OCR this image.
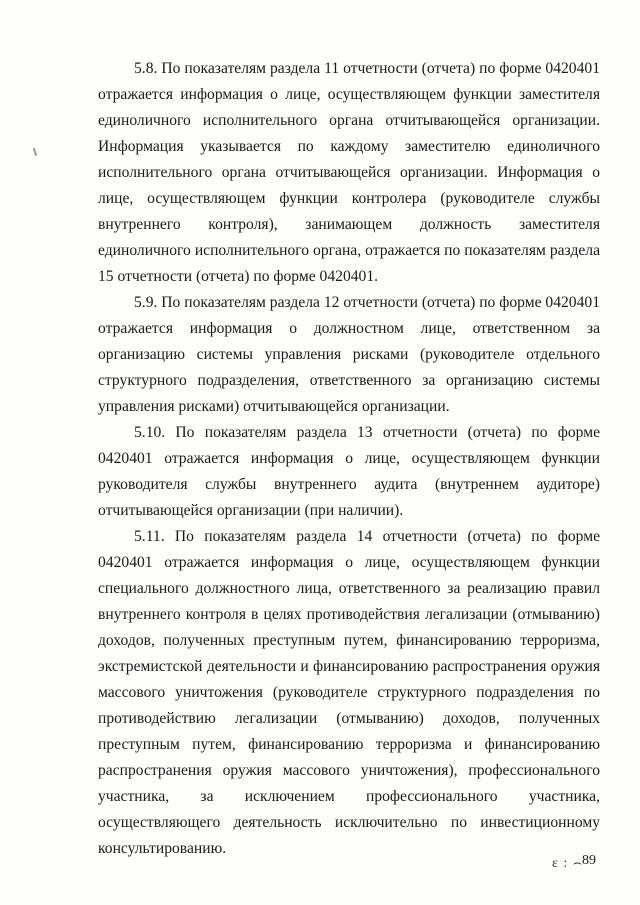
5.8. По показателям раздела 11 отчетности (отчета) по форме 0420401 отражается информация о лице, осуществляющем функции заместителя единоличного исполнительного органа отчитывающейся организации. Информация указывается по каждому заместителю единоличного исполнительного органа отчитывающейся организации. Информация о лице, осуществляющем функции контролера (руководителе службы внутреннего контроля), занимающем должность заместителя единоличного исполнительного органа, отражается по показателям раздела 15 отчетности (отчета) по форме 0420401.

5.9. По показателям раздела 12 отчетности (отчета) по форме 0420401 отражается информация о должностном лице, ответственном за организацию системы управления рисками (руководителе отдельного структурного подразделения, ответственного за организацию системы управления рисками) отчитывающейся организации.

5.10. По показателям раздела 13 отчетности (отчета) по форме 0420401 отражается информация о лице, осуществляющем функции руководителя службы внутреннего аудита (внутреннем аудиторе) отчитывающейся организации (при наличии).

5.11. По показателям раздела 14 отчетности (отчета) по форме 0420401 отражается информация о лице, осуществляющем функции специального должностного лица, ответственного за реализацию правил внутреннего контроля в целях противодействия легализации (отмыванию) доходов, полученных преступным путем, финансированию терроризма, экстремистской деятельности и финансированию распространения оружия массового уничтожения (руководителе структурного подразделения по противодействию легализации (отмыванию) доходов, полученных преступным путем, финансированию терроризма и финансированию распространения оружия массового уничтожения), профессионального участника, за исключением профессионального участника, осуществляющего деятельность исключительно по инвестиционному консультированию.

ε : ⌢ 89
